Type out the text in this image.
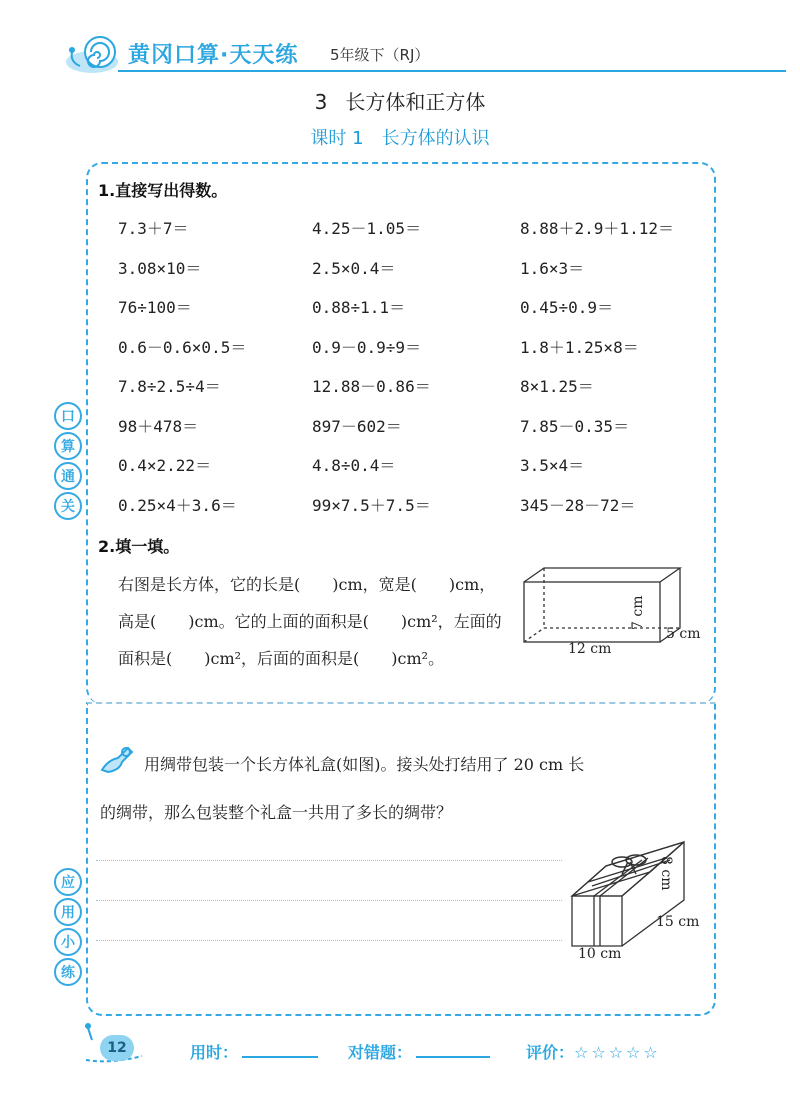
黄冈口算·天天练 5年级下（RJ）
3 长方体和正方体
课时 1 长方体的认识
1.直接写出得数。
7.3＋7＝	4.25－1.05＝	8.88＋2.9＋1.12＝
3.08×10＝	2.5×0.4＝	1.6×3＝
76÷100＝	0.88÷1.1＝	0.45÷0.9＝
0.6－0.6×0.5＝	0.9－0.9÷9＝	1.8＋1.25×8＝
7.8÷2.5÷4＝	12.88－0.86＝	8×1.25＝
98＋478＝	897－602＝	7.85－0.35＝
0.4×2.22＝	4.8÷0.4＝	3.5×4＝
0.25×4＋3.6＝	99×7.5＋7.5＝	345－28－72＝
口
算
通
关
2.填一填。
右图是长方体，它的长是(　　)cm，宽是(　　)cm，高是(　　)cm。它的上面的面积是(　　)cm²，左面的面积是(　　)cm²，后面的面积是(　　)cm²。
7 cm
12 cm
5 cm
用绸带包装一个长方体礼盒(如图)。接头处打结用了 20 cm 长
的绸带，那么包装整个礼盒一共用了多长的绸带？
8 cm
15 cm
10 cm
应
用
小
练
12	用时：	对错题：	评价：☆☆☆☆☆
